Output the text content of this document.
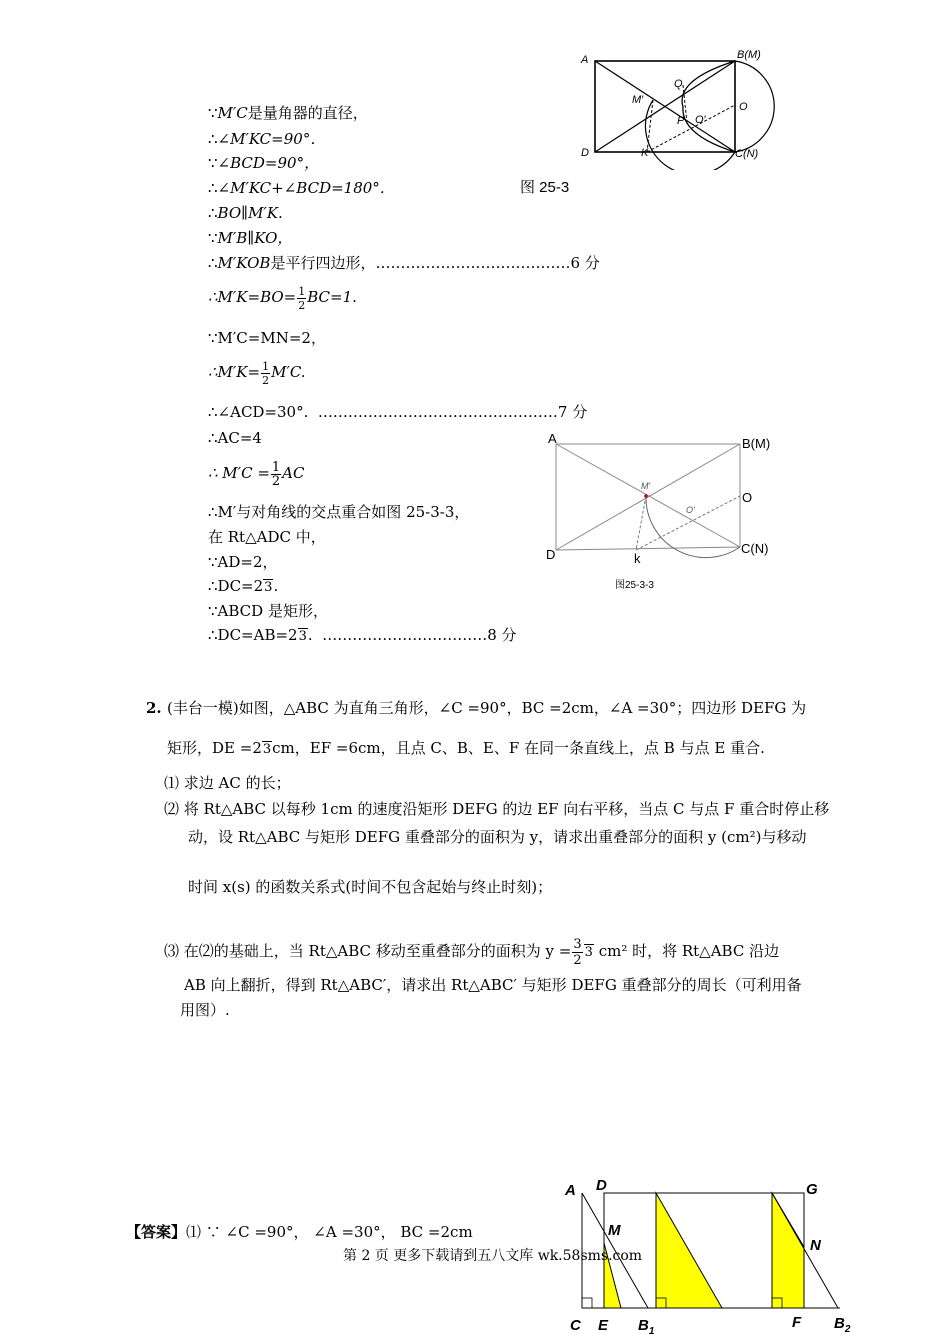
∵M′C是量角器的直径，
∴∠M′KC=90°．
∵∠BCD=90°，
∴∠M′KC+∠BCD=180°．	图 25-3
∴BO∥M′K.
∵M′B∥KO，
∴M′KOB是平行四边形，…………………………………6 分
∴M′K=BO= $\frac{1}{2} BC=1$.
∵M′C=MN=2，
∴M′K= $\frac{1}{2} M'C$.
∴∠ACD=30°. …………………………………………7 分
∴AC=4
∴ $M'C = \frac{1}{2}$ AC
∴M′与对角线的交点重合如图 25-3-3，
在 Rt△ADC 中，
∵AD=2，
∴DC=23.
∵ABCD 是矩形，
∴DC=AB=23. ……………………………8 分
A	B(M)
O
Q
M′
P O′
D	K	C(N)
A	B(M)
O
M′
O′
D	k
C(N)
图25-3-3
2. (丰台一模)如图，△ABC 为直角三角形，∠C =90°，BC =2cm，∠A =30°；四边形 DEFG 为
矩形，DE =23cm，EF =6cm，且点 C、B、E、F 在同一条直线上，点 B 与点 E 重合.
⑴ 求边 AC 的长；
⑵ 将 Rt△ABC 以每秒 1cm 的速度沿矩形 DEFG 的边 EF 向右平移，当点 C 与点 F 重合时停止移
动，设 Rt△ABC 与矩形 DEFG 重叠部分的面积为 y，请求出重叠部分的面积 y (cm²)与移动
时间 x(s) 的函数关系式(时间不包含起始与终止时刻)；
⑶ 在⑵的基础上，当 Rt△ABC 移动至重叠部分的面积为 $y = \frac{3}{2} 3$ cm² 时，将 Rt△ABC 沿边
AB 向上翻折，得到 Rt△ABC′，请求出 Rt△ABC′ 与矩形 DEFG 重叠部分的周长（可利用备
用图）.
【答案】⑴ ∵ ∠C =90°， ∠A =30°， BC =2cm
A D	G
M
N
C E $B_1$
F $B_2$
第 2 页 更多下载请到五八文库 wk.58sms.com
